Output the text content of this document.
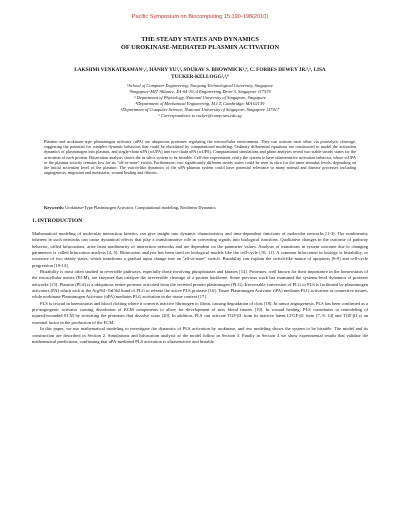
Pacific Symposium on Biocomputing 15:190-198(2010)
THE STEADY STATES AND DYNAMICS
OF UROKINASE-MEDIATED PLASMIN ACTIVATION
LAKSHMI VENKATRAMAN¹,², HANRY YU¹,³, SOURAV S. BHOWMICK¹,⁴, C. FORBES DEWEY JR.⁵,⁶, LISA
TUCKER-KELLOGG²,³,⁶
¹School of Computer Engineering, Nanyang Technological University, Singapore
²Singapore-MIT Alliance, E4-04-10, 4 Engineering Drive 3, Singapore 117576
³ Department of Physiology, National University of Singapore, Singapore
⁴Department of Mechanical Engineering, M.I.T, Cambridge, MA 02139
⁵Department of Computer Science, National University of Singapore, Singapore 117417
⁶ Correspondence to tucker@comp.nus.edu.sg
Plasmin and urokinase-type plasminogen activator (uPA) are ubiquitous proteases regulating the extracellular environment. They can activate each other via proteolytic cleavage, suggesting the potential for complex dynamic behaviors that could be elucidated by computational modeling. Ordinary differential equations are constructed to model the activation dynamics of plasminogen into plasmin, and single-chain uPA (scUPA) into two-chain uPA (tcUPA). Computational simulations and phase analyses reveal two stable steady states for the activation of each protein. Bifurcation analysis shows the in silico system to be bistable. Cell-free experiments verify the system to have ultrasensitive activation behavior, where scUPA or the plasmin activity remains low for an "off-or-none" switch. Furthermore, two significantly different steady states could be seen in vitro for the same stimulus levels, depending on the initial activation level of the plasmin. The switch-like dynamics of the uPA-plasmin system could have potential relevance to many normal and disease processes including angiogenesis, migration and metastasis, wound healing and fibrosis.
Keywords: Urokinase-Type Plasminogen Activator, Computational modeling, Nonlinear Dynamics
1. INTRODUCTION

Mathematical modeling of molecular interaction kinetics can give insight into dynamic characteristics and time-dependent functions of molecular networks [1-3]. The nonlinearity inherent in such networks can cause dynamical effects that play a transformative role in converting signals into biological functions. Qualitative changes in the outcome of pathway behavior, called bifurcations, arise from nonlinearity of interaction networks and are dependent on the parameter values. Analysis of transitions in system outcome due to changing parameters is called bifurcation analysis [4, 5]. Bifurcation analysis has been used on biological models like the cell-cycle [10, 11]. A common bifurcation in biology is bistability, or existence of two steady states, which transforms a gradual input change into an "all-or-none" switch. Bistability can explain the switch-like nature of apoptosis [6-9] and cell-cycle progression [10-13].

Bistability is most often studied in reversible pathways, especially those involving phosphatases and kinases [14]. Proteases, well known for their importance in the homeostasis of the extracellular matrix (ECM), are enzymes that catalyze the irreversible cleavage of a protein backbone. Some previous work has examined the systems-level dynamics of protease networks [15]. Plasmin (PLS) is a ubiquitous serine protease activated from the secreted protein plasminogen (PLG). Irreversible conversion of PLG to PLS is facilitated by plasminogen activators (PA) which nick at the Arg561-Val562 bond of PLG to release the active PLS protease [16]. Tissue Plasminogen Activator (tPA) mediates PLG activation in connective tissues, while urokinase Plasminogen Activator (uPA) mediates PLG activation in the tissue context [17].

PLS is crucial in haemostasis and blood clotting where it converts inactive fibrinogen to fibrin, causing degradation of clots [18]. In tumor angiogenesis, PLS has been confirmed as a pro-angiogenic activator causing dissolution of ECM components to allow for development of new blood tissues [19]. In wound healing, PLS contributes to remodeling of injured/wounded ECM by activating the proteases that dissolve scars [20]. In addition, PLS can activate TGF-β1 from its inactive latent LTGF-β1 form [7, 8, 14] and TGF-β1 is an essential factor in the production of the ECM.

In this paper, we use mathematical modeling to investigate the dynamics of PLS activation by urokinase, and our modeling shows the system to be bistable. The model and its construction are described in Section 2. Simulations and bifurcation analysis of the model follow in Section 3. Finally in Section 4 we show experimental results that validate the mathematical predictions, confirming that uPA-mediated PLS activation is ultrasensitive and bistable.
